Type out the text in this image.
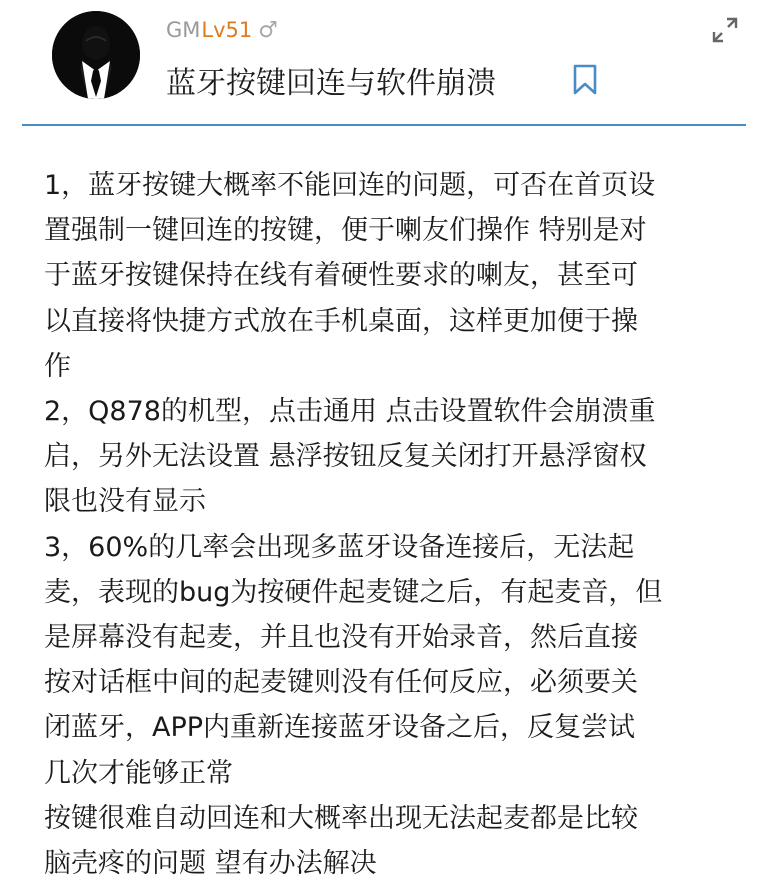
GM Lv51 ♂
蓝牙按键回连与软件崩溃

1，蓝牙按键大概率不能回连的问题，可否在首页设

置强制一键回连的按键，便于喇友们操作 特别是对

于蓝牙按键保持在线有着硬性要求的喇友，甚至可

以直接将快捷方式放在手机桌面，这样更加便于操

作

2，Q878的机型，点击通用 点击设置软件会崩溃重

启，另外无法设置 悬浮按钮反复关闭打开悬浮窗权

限也没有显示

3，60%的几率会出现多蓝牙设备连接后，无法起

麦，表现的bug为按硬件起麦键之后，有起麦音，但

是屏幕没有起麦，并且也没有开始录音，然后直接

按对话框中间的起麦键则没有任何反应，必须要关

闭蓝牙，APP内重新连接蓝牙设备之后，反复尝试

几次才能够正常

按键很难自动回连和大概率出现无法起麦都是比较

脑壳疼的问题 望有办法解决
